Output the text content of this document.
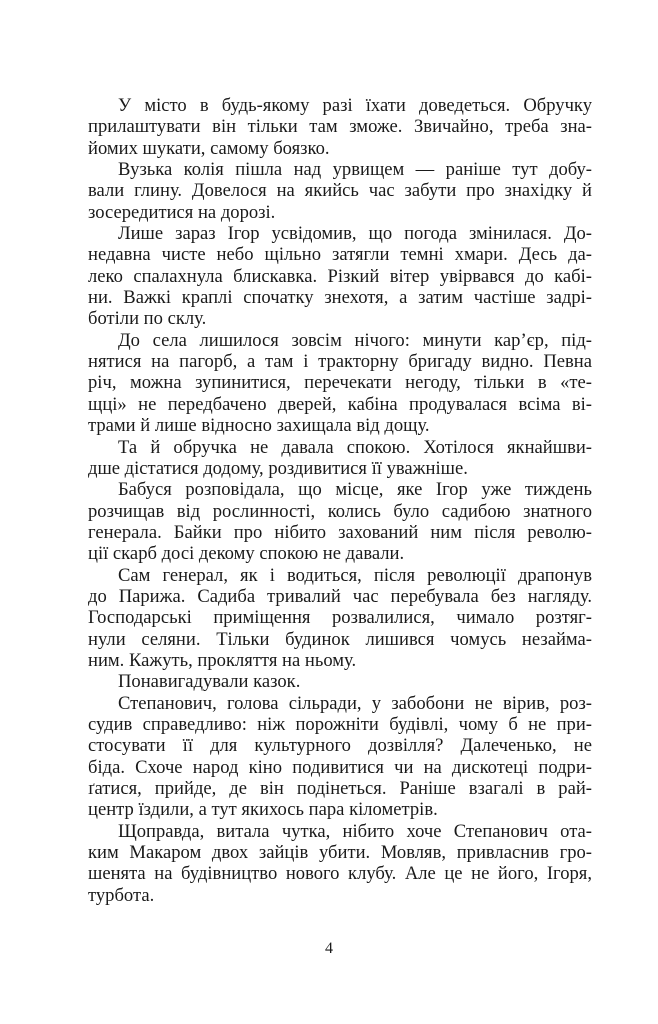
У місто в будь-якому разі їхати доведеться. Обручку
прилаштувати він тільки там зможе. Звичайно, треба зна-
йомих шукати, самому боязко.
Вузька колія пішла над урвищем — раніше тут добу-
вали глину. Довелося на якийсь час забути про знахідку й
зосередитися на дорозі.
Лише зараз Ігор усвідомив, що погода змінилася. До-
недавна чисте небо щільно затягли темні хмари. Десь да-
леко спалахнула блискавка. Різкий вітер увірвався до кабі-
ни. Важкі краплі спочатку знехотя, а затим частіше задрі-
ботіли по склу.
До села лишилося зовсім нічого: минути кар’єр, під-
нятися на пагорб, а там і тракторну бригаду видно. Певна
річ, можна зупинитися, перечекати негоду, тільки в «те-
щці» не передбачено дверей, кабіна продувалася всіма ві-
трами й лише відносно захищала від дощу.
Та й обручка не давала спокою. Хотілося якнайшви-
дше дістатися додому, роздивитися її уважніше.
Бабуся розповідала, що місце, яке Ігор уже тиждень
розчищав від рослинності, колись було садибою знатного
генерала. Байки про нібито захований ним після револю-
ції скарб досі декому спокою не давали.
Сам генерал, як і водиться, після революції драпонув
до Парижа. Садиба тривалий час перебувала без нагляду.
Господарські приміщення розвалилися, чимало розтяг-
нули селяни. Тільки будинок лишився чомусь незайма-
ним. Кажуть, прокляття на ньому.
Понавигадували казок.
Степанович, голова сільради, у забобони не вірив, роз-
судив справедливо: ніж порожніти будівлі, чому б не при-
стосувати її для культурного дозвілля? Далеченько, не
біда. Схоче народ кіно подивитися чи на дискотеці подри-
ґатися, прийде, де він подінеться. Раніше взагалі в рай-
центр їздили, а тут якихось пара кілометрів.
Щоправда, витала чутка, нібито хоче Степанович ота-
ким Макаром двох зайців убити. Мовляв, привласнив гро-
шенята на будівництво нового клубу. Але це не його, Ігоря,
турбота.
4
